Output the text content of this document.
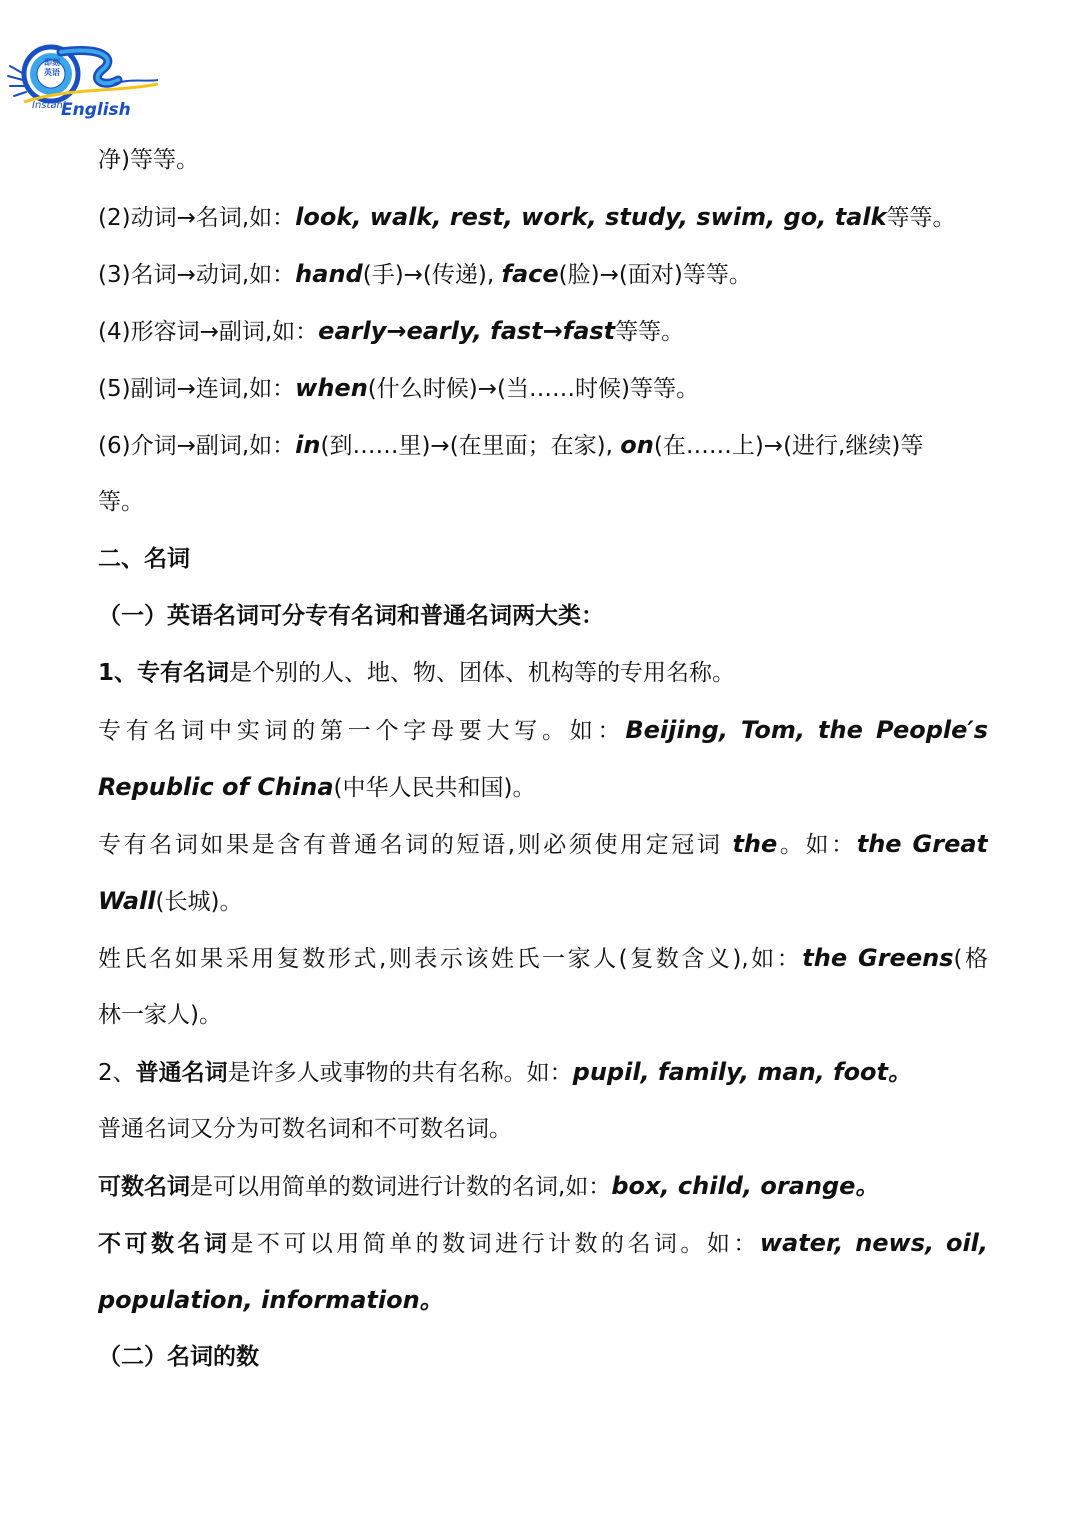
即刻英语
Instant
English
净)等等。
(2)动词→名词,如：look, walk, rest, work, study, swim, go, talk等等。
(3)名词→动词,如：hand(手)→(传递), face(脸)→(面对)等等。
(4)形容词→副词,如：early→early, fast→fast等等。
(5)副词→连词,如：when(什么时候)→(当……时候)等等。
(6)介词→副词,如：in(到……里)→(在里面；在家), on(在……上)→(进行,继续)等
等。
二、名词
（一）英语名词可分专有名词和普通名词两大类：
1、专有名词是个别的人、地、物、团体、机构等的专用名称。
专有名词中实词的第一个字母要大写。如：Beijing, Tom, the People′s
Republic of China(中华人民共和国)。
专有名词如果是含有普通名词的短语,则必须使用定冠词 the。如：the Great
Wall(长城)。
姓氏名如果采用复数形式,则表示该姓氏一家人(复数含义),如：the Greens(格
林一家人)。
2、普通名词是许多人或事物的共有名称。如：pupil, family, man, foot。
普通名词又分为可数名词和不可数名词。
可数名词是可以用简单的数词进行计数的名词,如：box, child, orange。
不可数名词是不可以用简单的数词进行计数的名词。如：water, news, oil,
population, information。
（二）名词的数
